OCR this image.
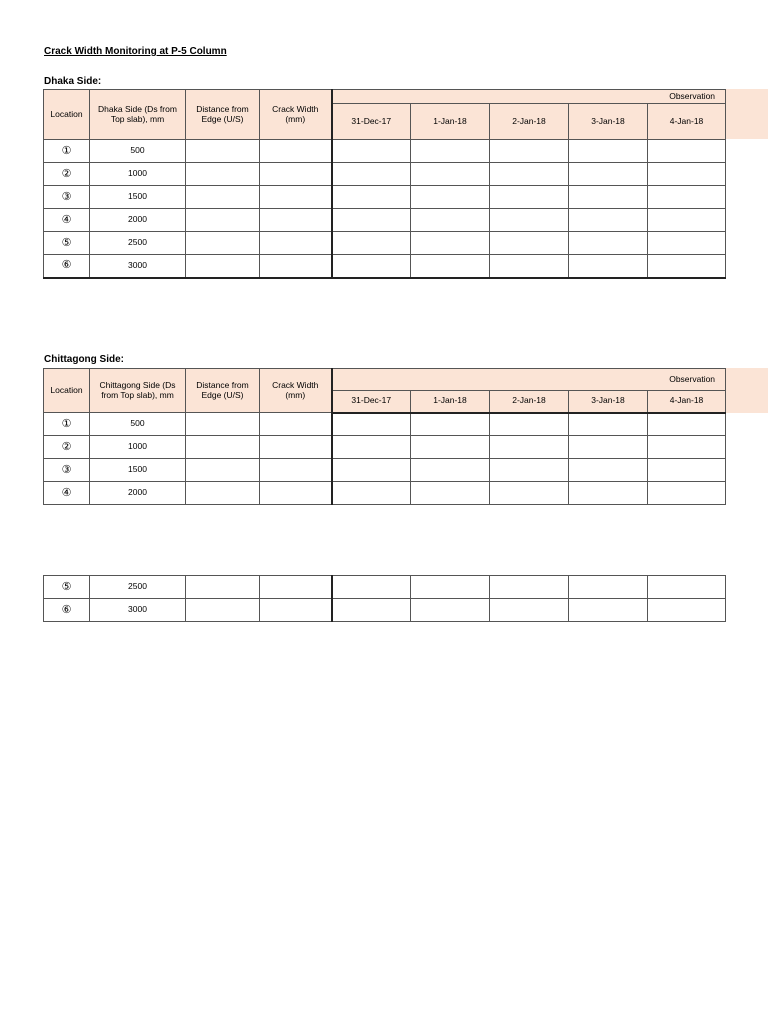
Crack Width Monitoring at P-5 Column
Dhaka Side:
Location	Dhaka Side (Ds from Top slab), mm	Distance from Edge (U/S)	Crack Width (mm)	Observation				
				31-Dec-17	1-Jan-18	2-Jan-18	3-Jan-18	4-Jan-18
①	500							
②	1000							
③	1500							
④	2000							
⑤	2500							
⑥	3000							
Chittagong Side:
Location	Chittagong Side (Ds from Top slab), mm	Distance from Edge (U/S)	Crack Width (mm)	Observation				
				31-Dec-17	1-Jan-18	2-Jan-18	3-Jan-18	4-Jan-18
①	500							
②	1000							
③	1500							
④	2000							
⑤	2500							
⑥	3000							
